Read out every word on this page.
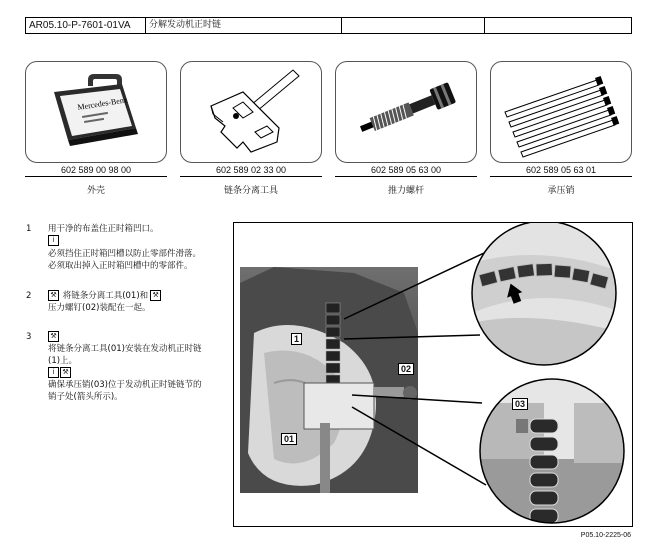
AR05.10-P-7601-01VA	分解发动机正时链
Mercedes-Benz
602 589 00 98 00
外壳
602 589 02 33 00
链条分离工具
602 589 05 63 00
推力螺杆
602 589 05 63 01
承压销
1	用干净的布盖住正时箱凹口。
i
必须挡住正时箱凹槽以防止零部件滑落。
必须取出掉入正时箱凹槽中的零部件。
2	⚒ 将链条分离工具(01)和 ⚒
压力螺钉(02)装配在一起。
3	⚒
将链条分离工具(01)安装在发动机正时链
(1)上。
i ⚒
确保承压销(03)位于发动机正时链链节的
销子处(箭头所示)。
1
01
02
03
P05.10-2225-06
